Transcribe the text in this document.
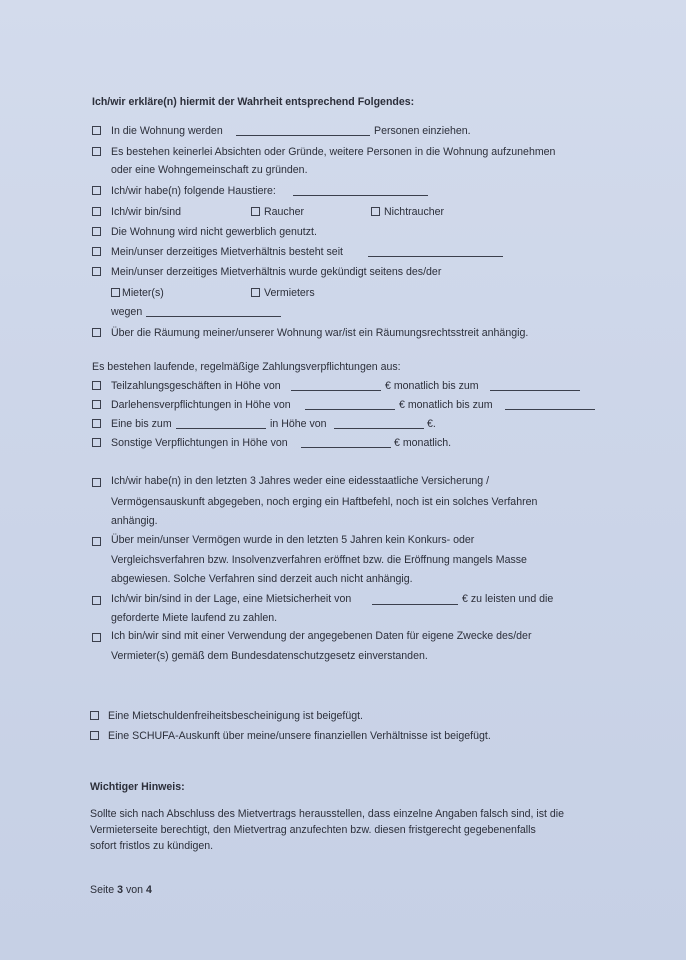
Ich/wir erkläre(n) hiermit der Wahrheit entsprechend Folgendes:
In die Wohnung werden	Personen einziehen.
Es bestehen keinerlei Absichten oder Gründe, weitere Personen in die Wohnung aufzunehmen
oder eine Wohngemeinschaft zu gründen.
Ich/wir habe(n) folgende Haustiere:
Ich/wir bin/sind	Raucher	Nichtraucher
Die Wohnung wird nicht gewerblich genutzt.
Mein/unser derzeitiges Mietverhältnis besteht seit
Mein/unser derzeitiges Mietverhältnis wurde gekündigt seitens des/der
Mieter(s)	Vermieters
wegen
Über die Räumung meiner/unserer Wohnung war/ist ein Räumungsrechtsstreit anhängig.
Es bestehen laufende, regelmäßige Zahlungsverpflichtungen aus:
Teilzahlungsgeschäften in Höhe von	€ monatlich bis zum
Darlehensverpflichtungen in Höhe von	€ monatlich bis zum
Eine bis zum	in Höhe von	€.
Sonstige Verpflichtungen in Höhe von	€ monatlich.
Ich/wir habe(n) in den letzten 3 Jahres weder eine eidesstaatliche Versicherung /
Vermögensauskunft abgegeben, noch erging ein Haftbefehl, noch ist ein solches Verfahren
anhängig.
Über mein/unser Vermögen wurde in den letzten 5 Jahren kein Konkurs- oder
Vergleichsverfahren bzw. Insolvenzverfahren eröffnet bzw. die Eröffnung mangels Masse
abgewiesen. Solche Verfahren sind derzeit auch nicht anhängig.
Ich/wir bin/sind in der Lage, eine Mietsicherheit von	€ zu leisten und die
geforderte Miete laufend zu zahlen.
Ich bin/wir sind mit einer Verwendung der angegebenen Daten für eigene Zwecke des/der
Vermieter(s) gemäß dem Bundesdatenschutzgesetz einverstanden.
Eine Mietschuldenfreiheitsbescheinigung ist beigefügt.
Eine SCHUFA-Auskunft über meine/unsere finanziellen Verhältnisse ist beigefügt.
Wichtiger Hinweis:
Sollte sich nach Abschluss des Mietvertrags herausstellen, dass einzelne Angaben falsch sind, ist die
Vermieterseite berechtigt, den Mietvertrag anzufechten bzw. diesen fristgerecht gegebenenfalls
sofort fristlos zu kündigen.
Seite 3 von 4
